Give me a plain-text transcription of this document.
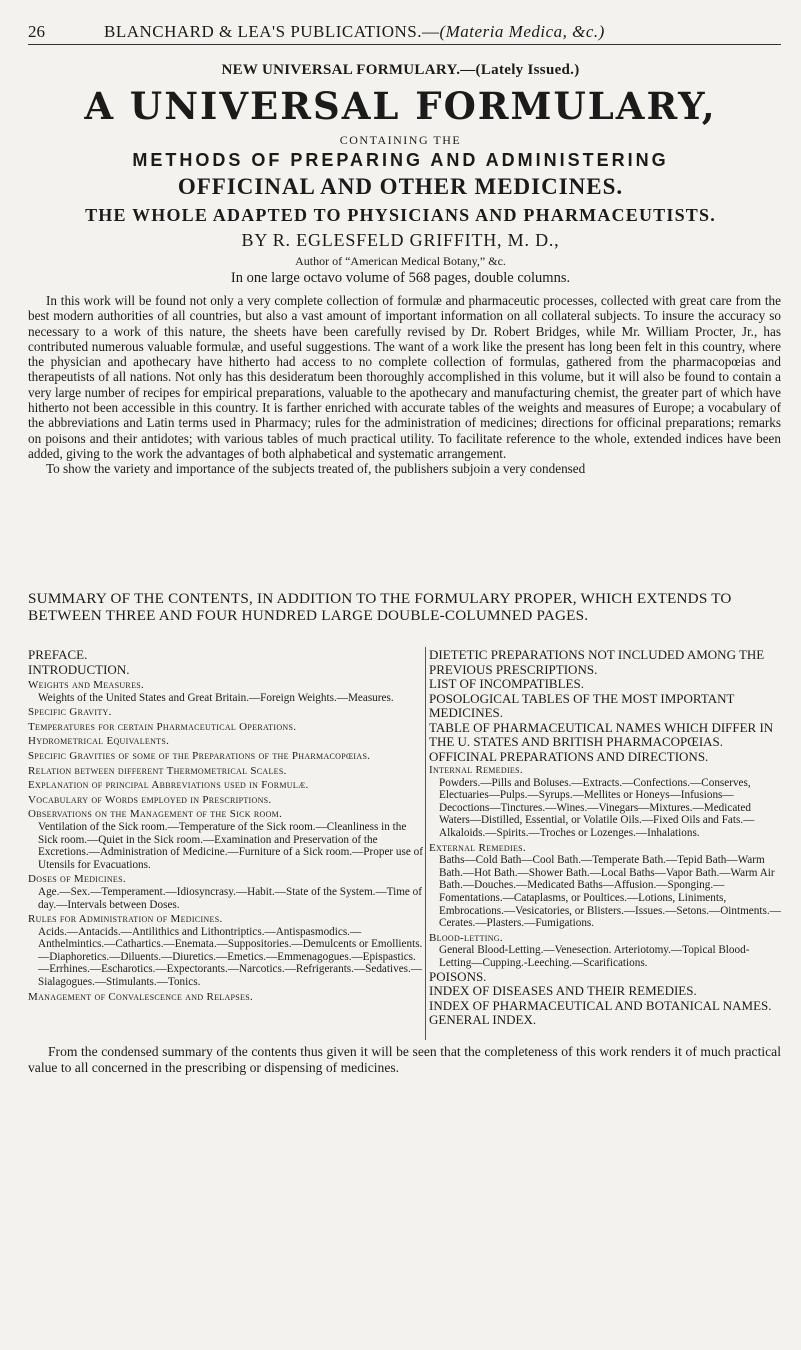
26	BLANCHARD & LEA'S PUBLICATIONS.—(Materia Medica, &c.)
NEW UNIVERSAL FORMULARY.—(Lately Issued.)
A UNIVERSAL FORMULARY,
CONTAINING THE
METHODS OF PREPARING AND ADMINISTERING
OFFICINAL AND OTHER MEDICINES.
THE WHOLE ADAPTED TO PHYSICIANS AND PHARMACEUTISTS.
BY R. EGLESFELD GRIFFITH, M. D.,
Author of “American Medical Botany,” &c.
In one large octavo volume of 568 pages, double columns.

In this work will be found not only a very complete collection of formulæ and pharmaceutic processes, collected with great care from the best modern authorities of all countries, but also a vast amount of important information on all collateral subjects. To insure the accuracy so necessary to a work of this nature, the sheets have been carefully revised by Dr. Robert Bridges, while Mr. William Procter, Jr., has contributed numerous valuable formulæ, and useful suggestions. The want of a work like the present has long been felt in this country, where the physician and apothecary have hitherto had access to no complete collection of formulas, gathered from the pharmacopœias and therapeutists of all nations. Not only has this desideratum been thoroughly accomplished in this volume, but it will also be found to contain a very large number of recipes for empirical preparations, valuable to the apothecary and manufacturing chemist, the greater part of which have hitherto not been accessible in this country. It is farther enriched with accurate tables of the weights and measures of Europe; a vocabulary of the abbreviations and Latin terms used in Pharmacy; rules for the administration of medicines; directions for officinal preparations; remarks on poisons and their antidotes; with various tables of much practical utility. To facilitate reference to the whole, extended indices have been added, giving to the work the advantages of both alphabetical and systematic arrangement.

To show the variety and importance of the subjects treated of, the publishers subjoin a very condensed

SUMMARY OF THE CONTENTS, IN ADDITION TO THE FORMULARY PROPER, WHICH EXTENDS TO BETWEEN THREE AND FOUR HUNDRED LARGE DOUBLE-COLUMNED PAGES.
PREFACE.
INTRODUCTION.
Weights and Measures.
Weights of the United States and Great Britain.—Foreign Weights.—Measures.
Specific Gravity.
Temperatures for certain Pharmaceutical Operations.
Hydrometrical Equivalents.
Specific Gravities of some of the Preparations of the Pharmacopœias.
Relation between different Thermometrical Scales.
Explanation of principal Abbreviations used in Formulæ.
Vocabulary of Words employed in Prescriptions.
Observations on the Management of the Sick room.
Ventilation of the Sick room.—Temperature of the Sick room.—Cleanliness in the Sick room.—Quiet in the Sick room.—Examination and Preservation of the Excretions.—Administration of Medicine.—Furniture of a Sick room.—Proper use of Utensils for Evacuations.
Doses of Medicines.
Age.—Sex.—Temperament.—Idiosyncrasy.—Habit.—State of the System.—Time of day.—Intervals between Doses.
Rules for Administration of Medicines.
Acids.—Antacids.—Antilithics and Lithontriptics.—Antispasmodics.—Anthelmintics.—Cathartics.—Enemata.—Suppositories.—Demulcents or Emollients.—Diaphoretics.—Diluents.—Diuretics.—Emetics.—Emmenagogues.—Epispastics.—Errhines.—Escharotics.—Expectorants.—Narcotics.—Refrigerants.—Sedatives.—Sialagogues.—Stimulants.—Tonics.
Management of Convalescence and Relapses.
DIETETIC PREPARATIONS NOT INCLUDED AMONG THE PREVIOUS PRESCRIPTIONS.
LIST OF INCOMPATIBLES.
POSOLOGICAL TABLES OF THE MOST IMPORTANT MEDICINES.
TABLE OF PHARMACEUTICAL NAMES WHICH DIFFER IN THE U. STATES AND BRITISH PHARMACOPŒIAS.
OFFICINAL PREPARATIONS AND DIRECTIONS.
Internal Remedies.
Powders.—Pills and Boluses.—Extracts.—Confections.—Conserves, Electuaries—Pulps.—Syrups.—Mellites or Honeys—Infusions—Decoctions—Tinctures.—Wines.—Vinegars—Mixtures.—Medicated Waters—Distilled, Essential, or Volatile Oils.—Fixed Oils and Fats.—Alkaloids.—Spirits.—Troches or Lozenges.—Inhalations.
External Remedies.
Baths—Cold Bath—Cool Bath.—Temperate Bath.—Tepid Bath—Warm Bath.—Hot Bath.—Shower Bath.—Local Baths—Vapor Bath.—Warm Air Bath.—Douches.—Medicated Baths—Affusion.—Sponging.—Fomentations.—Cataplasms, or Poultices.—Lotions, Liniments, Embrocations.—Vesicatories, or Blisters.—Issues.—Setons.—Ointments.—Cerates.—Plasters.—Fumigations.
Blood-letting.
General Blood-Letting.—Venesection. Arteriotomy.—Topical Blood-Letting—Cupping.-Leeching.—Scarifications.
POISONS.
INDEX OF DISEASES AND THEIR REMEDIES.
INDEX OF PHARMACEUTICAL AND BOTANICAL NAMES.
GENERAL INDEX.

From the condensed summary of the contents thus given it will be seen that the completeness of this work renders it of much practical value to all concerned in the prescribing or dispensing of medicines.
